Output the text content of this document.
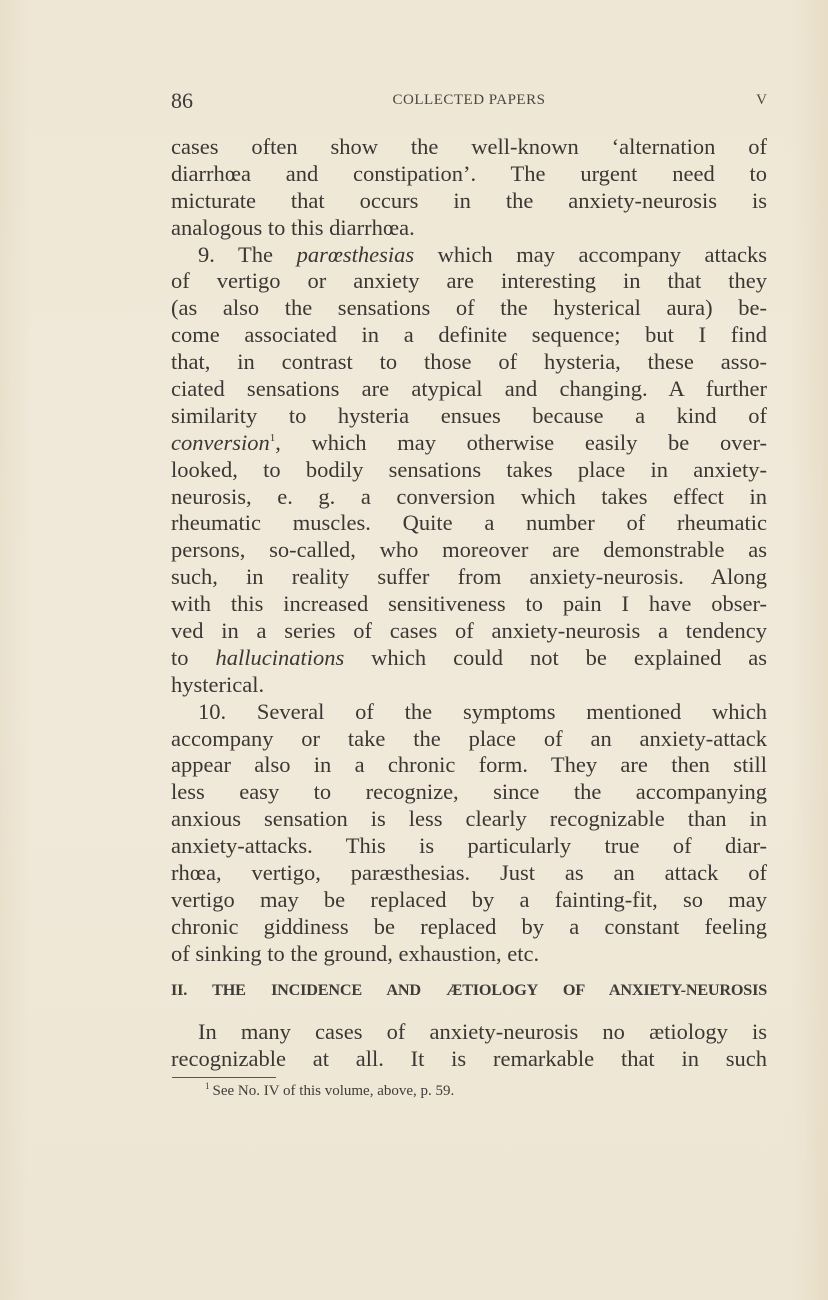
86	COLLECTED PAPERS	V
cases often show the well-known ‘alternation of
diarrhœa and constipation’. The urgent need to
micturate that occurs in the anxiety-neurosis is
analogous to this diarrhœa.
9. The parœsthesias which may accompany attacks
of vertigo or anxiety are interesting in that they
(as also the sensations of the hysterical aura) be-
come associated in a definite sequence; but I find
that, in contrast to those of hysteria, these asso-
ciated sensations are atypical and changing. A further
similarity to hysteria ensues because a kind of
conversion$^1$, which may otherwise easily be over-
looked, to bodily sensations takes place in anxiety-
neurosis, e. g. a conversion which takes effect in
rheumatic muscles. Quite a number of rheumatic
persons, so-called, who moreover are demonstrable as
such, in reality suffer from anxiety-neurosis. Along
with this increased sensitiveness to pain I have obser-
ved in a series of cases of anxiety-neurosis a tendency
to hallucinations which could not be explained as
hysterical.
10. Several of the symptoms mentioned which
accompany or take the place of an anxiety-attack
appear also in a chronic form. They are then still
less easy to recognize, since the accompanying
anxious sensation is less clearly recognizable than in
anxiety-attacks. This is particularly true of diar-
rhœa, vertigo, paræsthesias. Just as an attack of
vertigo may be replaced by a fainting-fit, so may
chronic giddiness be replaced by a constant feeling
of sinking to the ground, exhaustion, etc.
II. THE INCIDENCE AND ÆTIOLOGY OF ANXIETY-NEUROSIS
In many cases of anxiety-neurosis no ætiology is
recognizable at all. It is remarkable that in such
$^1$ See No. IV of this volume, above, p. 59.
